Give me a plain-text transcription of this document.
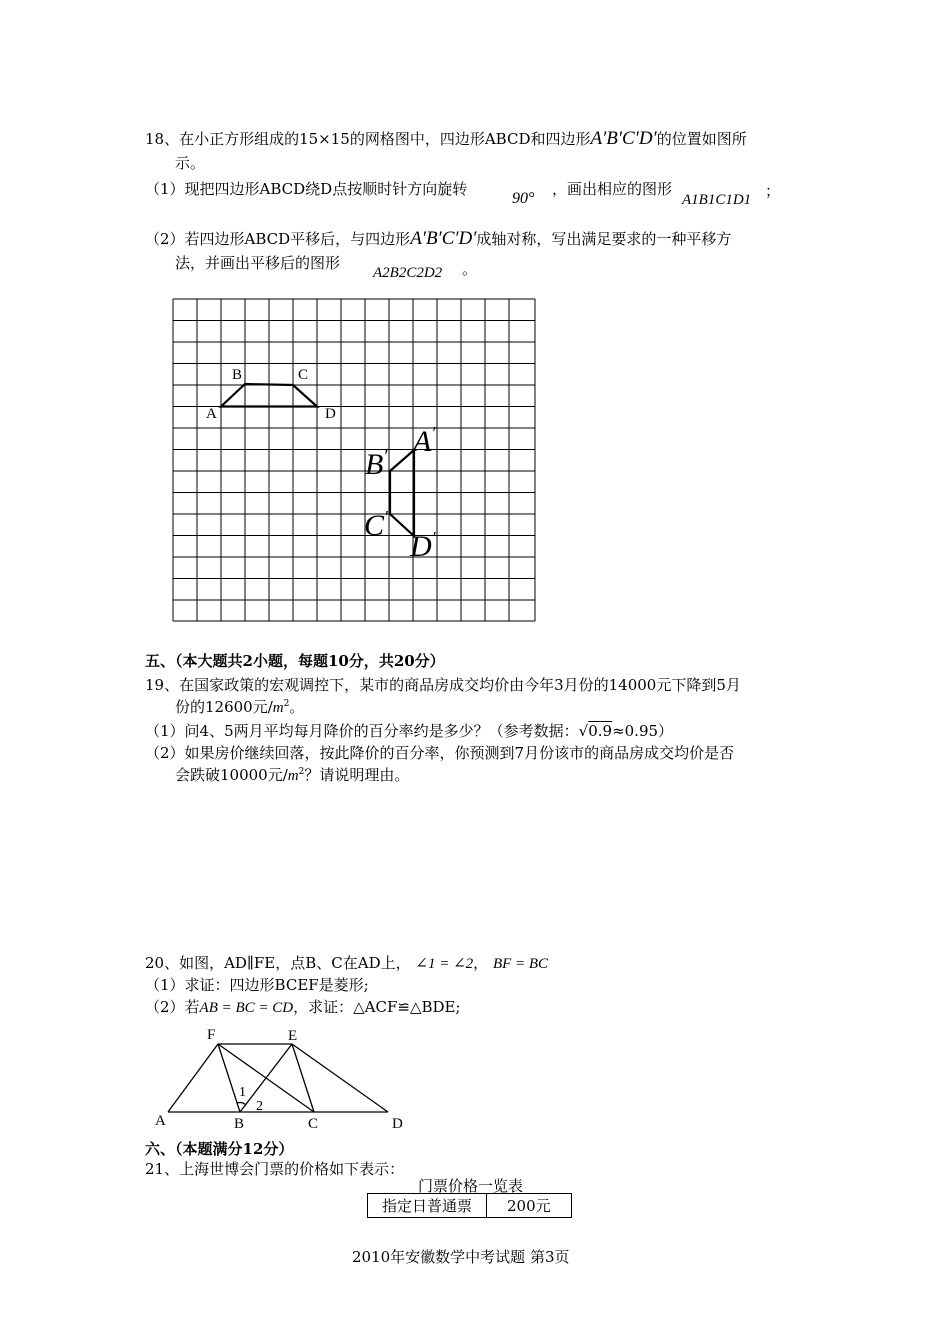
18、在小正方形组成的15×15的网格图中，四边形ABCD和四边形A′B′C′D′的位置如图所
示。
（1）现把四边形ABCD绕D点按顺时针方向旋转
90°
，画出相应的图形
A1B1C1D1 ；
（2）若四边形ABCD平移后，与四边形A′B′C′D′成轴对称，写出满足要求的一种平移方
法，并画出平移后的图形
A2B2C2D2 。
A
B	C
D
A′
B′
C′
D′
五、（本大题共2小题，每题10分，共20分）
19、在国家政策的宏观调控下，某市的商品房成交均价由今年3月份的14000元下降到5月
份的12600元$/m^2$。
（1）问4、5两月平均每月降价的百分率约是多少？（参考数据：√0.9≈0.95）
（2）如果房价继续回落，按此降价的百分率，你预测到7月份该市的商品房成交均价是否
会跌破10000元$/m^2$？请说明理由。
20、如图，AD∥FE，点B、C在AD上， ∠1 = ∠2， BF = BC
（1）求证：四边形BCEF是菱形;
（2）若AB = BC = CD，求证：△ACF≌△BDE;
F	E
A	B	C	D
1
2
六、（本题满分12分）
21、上海世博会门票的价格如下表示：
门票价格一览表
指定日普通票	200元
2010年安徽数学中考试题 第3页
